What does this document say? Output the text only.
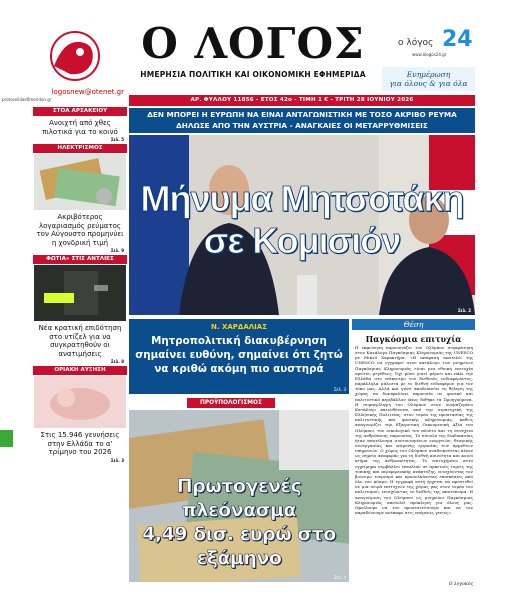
logosnew@otenet.gr
protoselidaefimeridon.gr
Ο ΛΟΓΟΣ
ΗΜΕΡΗΣΙΑ ΠΟΛΙΤΙΚΗ ΚΑΙ ΟΙΚΟΝΟΜΙΚΗ ΕΦΗΜΕΡΙΔΑ
ο λόγος 24
www.ologos24.gr
Ενημέρωση
για όλους & για όλα
ΑΡ. ΦΥΛΛΟΥ 11856 - ΕΤΟΣ 42ο - ΤΙΜΗ 1 € - ΤΡΙΤΗ 28 ΙΟΥΝΙΟΥ 2026
ΣΤΟΑ ΑΡΣΑΚΕΙΟΥ
Ανοιχτή από χθες πιλοτικά για το κοινό
Σελ. 5
ΗΛΕΚΤΡΙΣΜΟΣ
Ακριβότερος λογαριασμός ρεύματος τον Αύγουστο προμηνύει η χονδρική τιμή
Σελ. 9
ΦΩΤΙΑ» ΣΤΙΣ ΑΝΤΛΙΕΣ
Νέα κρατική επιδότηση στο ντίζελ για να συγκρατηθούν οι ανατιμήσεις
Σελ. 8
ΟΡΙΑΚΗ ΑΥΞΗΣΗ
Στις 15.946 γεννήσεις στην Ελλάδα το α' τρίμηνο του 2026
Σελ. 3
ΔΕΝ ΜΠΟΡΕΙ Η ΕΥΡΩΠΗ ΝΑ ΕΙΝΑΙ ΑΝΤΑΓΩΝΙΣΤΙΚΗ ΜΕ ΤΟΣΟ ΑΚΡΙΒΟ ΡΕΥΜΑ
ΔΗΛΩΣΕ ΑΠΟ ΤΗΝ ΑΥΣΤΡΙΑ - ΑΝΑΓΚΑΙΕΣ ΟΙ ΜΕΤΑΡΡΥΘΜΙΣΕΙΣ
Μήνυμα Μητσοτάκη
σε Κομισιόν
Σελ. 2
Ν. ΧΑΡΔΑΛΙΑΣ
Μητροπολιτική διακυβέρνηση
σημαίνει ευθύνη, σημαίνει ότι ζητώ
να κριθώ ακόμη πιο αυστηρά
Σελ. 3
ΠΡΟΫΠΟΛΟΓΙΣΜΟΣ
Πρωτογενές πλεόνασμα
4,49 δισ. ευρώ στο εξάμηνο
Σελ. 4
Θέση
Παγκόσμια επιτυχία
Η εκφώνηση παρουσιάζει τον Ολύμπου συγκράτηση στον Κατάλογο Παγκόσμιας Κληρονομιάς της UNESCO με Μικτό Χαρακτήρα. «Η απόφαση αποτελεί της UNESCO να εγγραφεί στον κατάλογο των μνημείων Παγκόσμιας Κληρονομιάς είναι μια εθνική επιτυχία πρώτου μεγέθους. Όχι μόνο γιατί φέρνει και πάλι την Ελλάδα στο επίκεντρο του διεθνούς ενδιαφέροντος, παράλληλα μάλιστα με το διεθνή ενδιαφέρον για τον τόπο μας. Αλλά και γιατί αποδεικνύει τη θέληση της χώρας να διασφαλίσει παρουσία σε φυσικό και πολιτιστικό περιβάλλον όπως δόθηκε τα Προηγούμενα. Η συμπερίληψη του Ολύμπου στον ονομαζομένο Κατάλογο κατευθύνεται από την στρατηγική της Ελληνικής Πολιτείας, στον τομέα της προστασίας της πολιτιστικής και φυσικής κληρονομιάς, καθώς αναγνωρίζει την Εξαιρετική Οικουμενική Αξία του Ολύμπου, τον οικολογικό του πλούτο και τη συνέχεια της ανθρώπινης παρουσίας. Το σύνολο της διαδικασίας ήταν αποτέλεσμα συντονισμένων ενεργειών, θεσμικής συνεργασίας και επίμονης εργασίας των αρμόδιων υπηρεσιών. Ο χώρος του Ολύμπου αναδεικνύεται πλέον ως σημείο αναφοράς για τη διεθνή κοινότητα και κοινό κτήμα της ανθρωπότητας. Το επιτυχημένο αυτό εγχείρημα συμβάλλει επιπλέον σε αρκετούς τομείς της τοπικής και περιφερειακής ανάπτυξης, ενισχύοντας τον βιώσιμο τουρισμό και προσελκύοντας επισκέπτες από όλο τον κόσμο. Η εγγραφή αυτή έρχεται να προστεθεί σε μια σειρά επιτυχιών της χώρας μας στον τομέα του πολιτισμού, ενισχύοντας το διεθνές της αποτύπωμα. Η αναγνώριση του Ολύμπου ως μνημείου Παγκόσμιας Κληρονομιάς αποτελεί πρόκληση για όλους μας. Οφείλουμε να τον προστατεύσουμε και να τον παραδώσουμε ανέπαφο στις επόμενες γενιές».
Ο λογοκός
